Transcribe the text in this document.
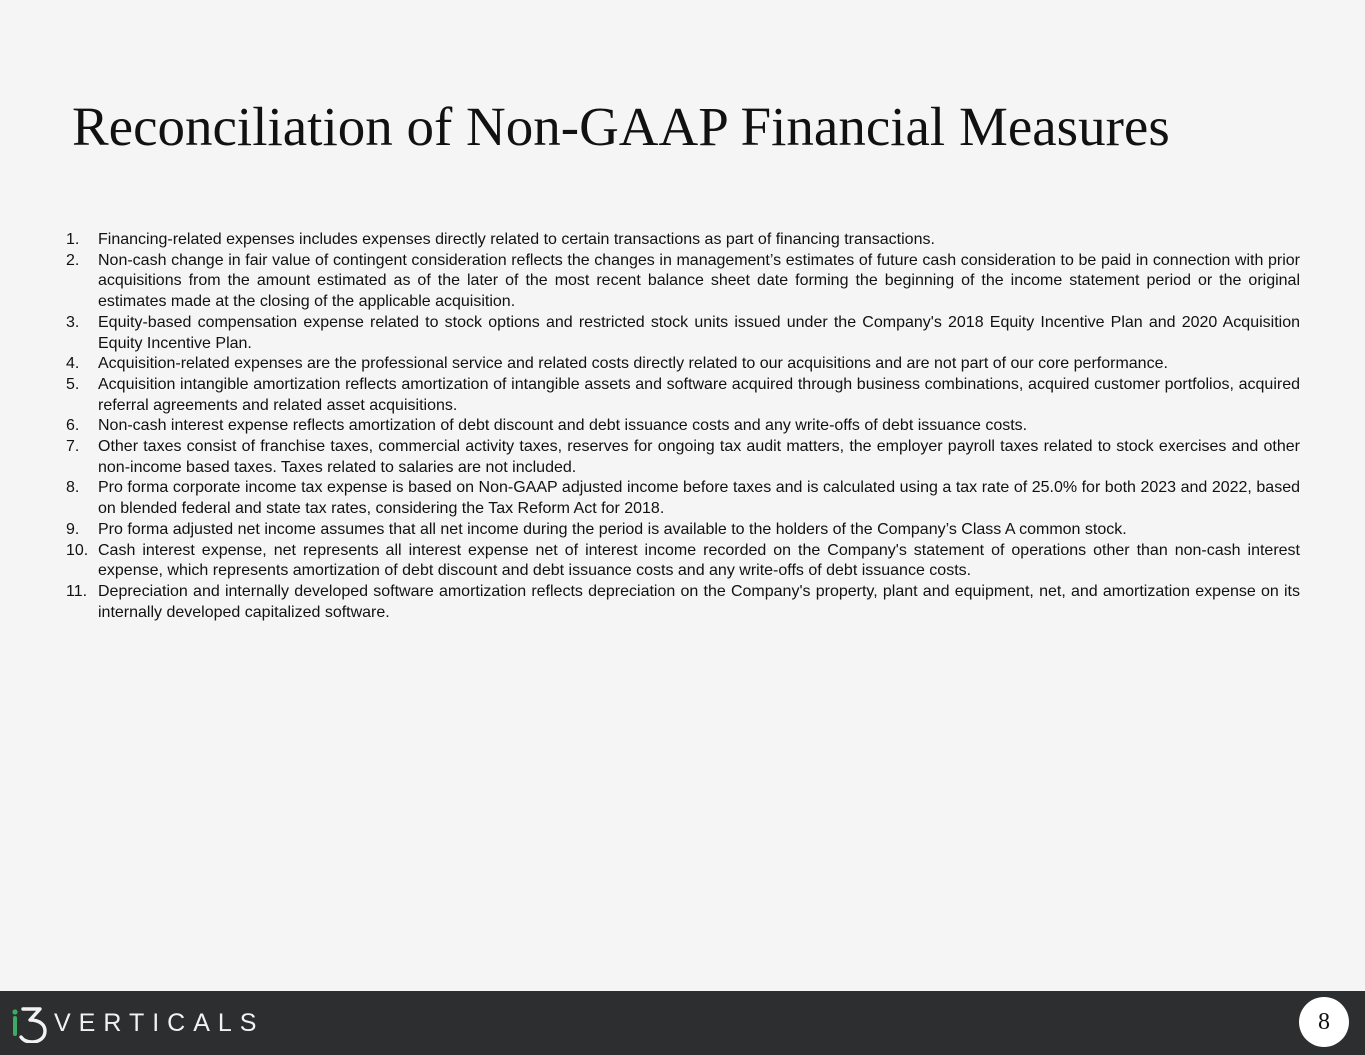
Reconciliation of Non-GAAP Financial Measures
1.	Financing-related expenses includes expenses directly related to certain transactions as part of financing transactions.
2.	Non-cash change in fair value of contingent consideration reflects the changes in management’s estimates of future cash consideration to be paid in connection with prior acquisitions from the amount estimated as of the later of the most recent balance sheet date forming the beginning of the income statement period or the original estimates made at the closing of the applicable acquisition.
3.	Equity-based compensation expense related to stock options and restricted stock units issued under the Company's 2018 Equity Incentive Plan and 2020 Acquisition Equity Incentive Plan.
4.	Acquisition-related expenses are the professional service and related costs directly related to our acquisitions and are not part of our core performance.
5.	Acquisition intangible amortization reflects amortization of intangible assets and software acquired through business combinations, acquired customer portfolios, acquired referral agreements and related asset acquisitions.
6.	Non-cash interest expense reflects amortization of debt discount and debt issuance costs and any write-offs of debt issuance costs.
7.	Other taxes consist of franchise taxes, commercial activity taxes, reserves for ongoing tax audit matters, the employer payroll taxes related to stock exercises and other non-income based taxes. Taxes related to salaries are not included.
8.	Pro forma corporate income tax expense is based on Non-GAAP adjusted income before taxes and is calculated using a tax rate of 25.0% for both 2023 and 2022, based on blended federal and state tax rates, considering the Tax Reform Act for 2018.
9.	Pro forma adjusted net income assumes that all net income during the period is available to the holders of the Company’s Class A common stock.
10. Cash interest expense, net represents all interest expense net of interest income recorded on the Company's statement of operations other than non-cash interest expense, which represents amortization of debt discount and debt issuance costs and any write-offs of debt issuance costs.
11. Depreciation and internally developed software amortization reflects depreciation on the Company's property, plant and equipment, net, and amortization expense on its internally developed capitalized software.
VERTICALS	8
